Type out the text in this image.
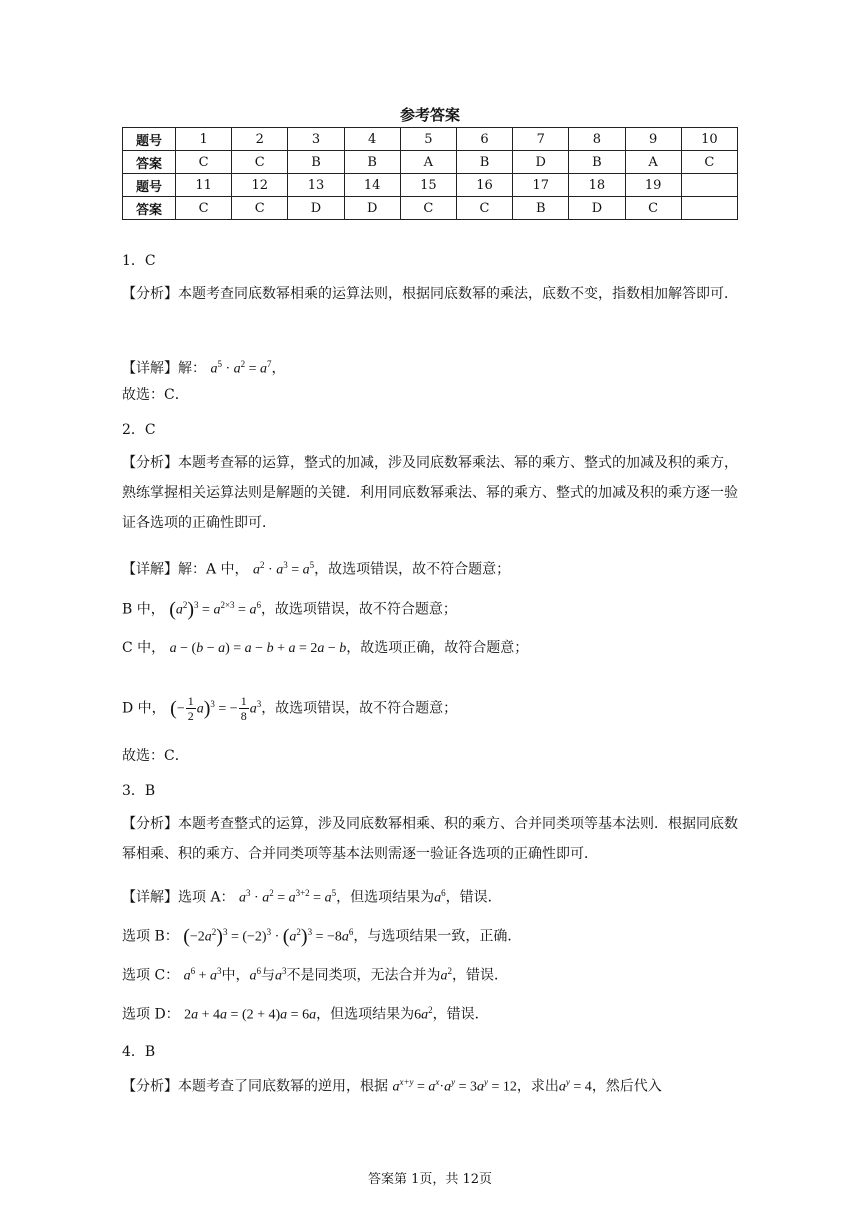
参考答案
题号	1	2	3	4	5	6	7	8	9	10
答案	C	C	B	B	A	B	D	B	A	C
题号	11	12	13	14	15	16	17	18	19	
答案	C	C	D	D	C	C	B	D	C	
1．C
【分析】本题考查同底数幂相乘的运算法则，根据同底数幂的乘法，底数不变，指数相加解答即可．
【详解】解： $a^5 \cdot a^2 = a^7$，
故选：C．
2．C
【分析】本题考查幂的运算，整式的加减，涉及同底数幂乘法、幂的乘方、整式的加减及积的乘方，熟练掌握相关运算法则是解题的关键．利用同底数幂乘法、幂的乘方、整式的加减及积的乘方逐一验证各选项的正确性即可．
【详解】解：A 中， $a^2 \cdot a^3 = a^5$，故选项错误，故不符合题意；
B 中， $(a^2)^3 = a^{2\times 3} = a^6$，故选项错误，故不符合题意；
C 中， a − (b − a) = a − b + a = 2a − b，故选项正确，故符合题意；
D 中， (− $\frac{1}{2} a)^3$ = − $\frac{1}{8} a^3$，故选项错误，故不符合题意；
故选：C．
3．B
【分析】本题考查整式的运算，涉及同底数幂相乘、积的乘方、合并同类项等基本法则．根据同底数幂相乘、积的乘方、合并同类项等基本法则需逐一验证各选项的正确性即可．
【详解】选项 A： $a^3 \cdot a^2 = a^{3+2} = a^5$，但选项结果为$a^6$，错误．
选项 B： $(-2a^2)^3 = (-2)^3 \cdot (a^2)^3 = -8a^6$，与选项结果一致，正确．
选项 C： $a^6 + a^3$中，$a^6$与$a^3$不是同类项，无法合并为$a^2$，错误．
选项 D： 2a + 4a = (2 + 4)a = 6a，但选项结果为$6a^2$，错误．
4．B
【分析】本题考查了同底数幂的逆用，根据 $a^{x+y} = a^x\cdot a^y = 3a^y = 12$，求出$a^y = 4$，然后代入
答案第 1页，共 12页
